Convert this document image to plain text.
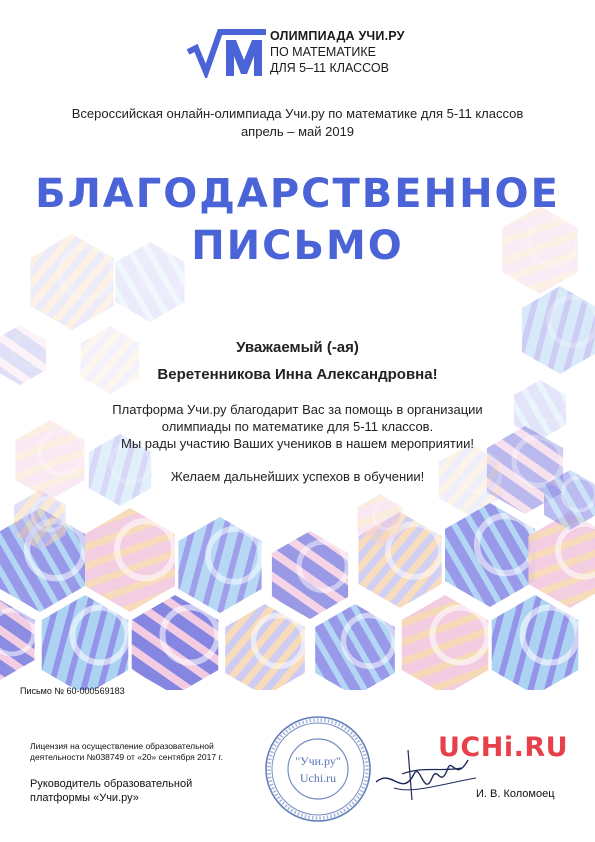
ОЛИМПИАДА УЧИ.РУ
ПО МАТЕМАТИКЕ
ДЛЯ 5–11 КЛАССОВ
Всероссийская онлайн-олимпиада Учи.ру по математике для 5-11 классов
апрель – май 2019
БЛАГОДАРСТВЕННОЕ
ПИСЬМО
Уважаемый (-ая)
Веретенникова Инна Александровна!
Платформа Учи.ру благодарит Вас за помощь в организации
олимпиады по математике для 5-11 классов.
Мы рады участию Ваших учеников в нашем мероприятии!
Желаем дальнейших успехов в обучении!
Письмо № 60-000569183
Лицензия на осуществление образовательной
деятельности №038749 от «20» сентября 2017 г.
Руководитель образовательной
платформы «Учи.ру»
"Учи.ру"
Uchi.ru
UCHi.RU
И. В. Коломоец
